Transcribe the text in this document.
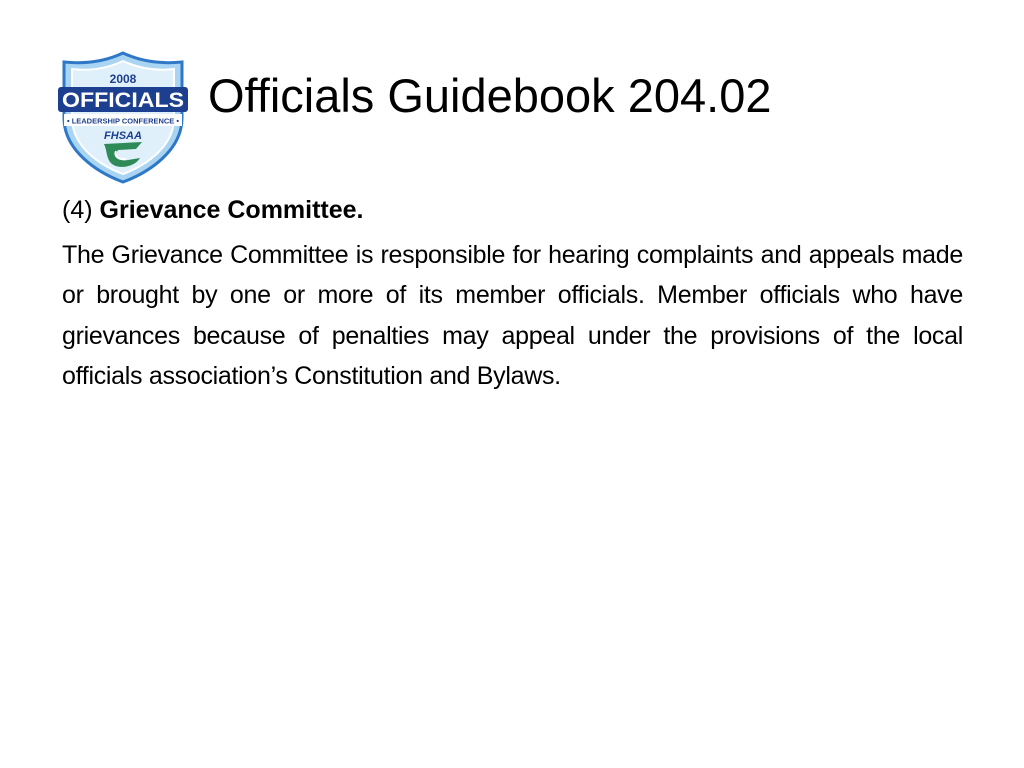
2008
OFFICIALS
• LEADERSHIP CONFERENCE •
FHSAA
Officials Guidebook 204.02

(4) Grievance Committee.

The Grievance Committee is responsible for hearing complaints and appeals made or brought by one or more of its member officials. Member officials who have grievances because of penalties may appeal under the provisions of the local officials association’s Constitution and Bylaws.
